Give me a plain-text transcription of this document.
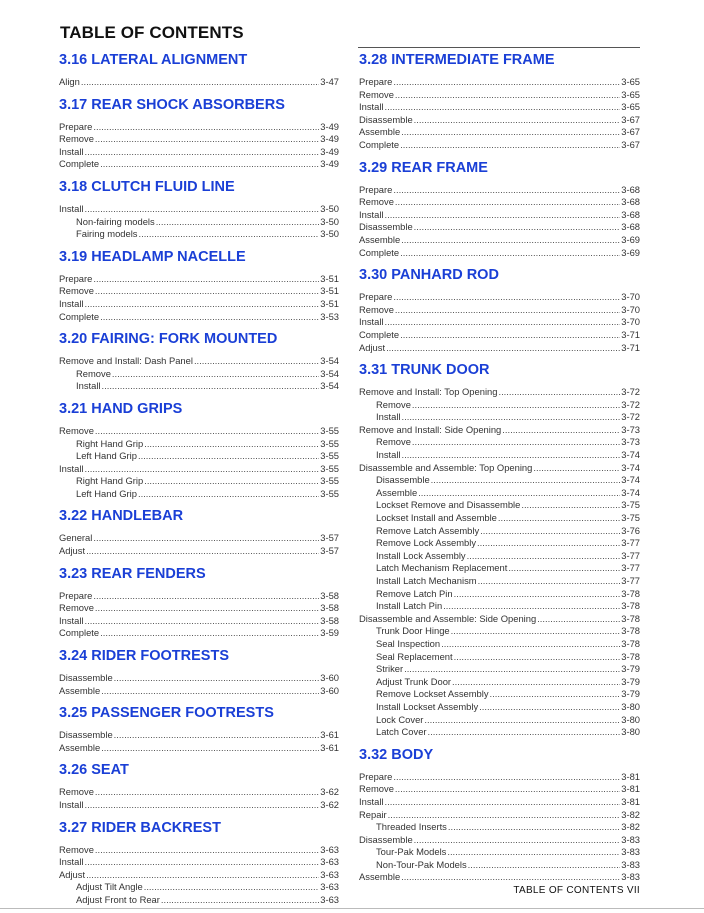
TABLE OF CONTENTS
3.16 LATERAL ALIGNMENT
Align .....	3-47
3.17 REAR SHOCK ABSORBERS
Prepare .....	3-49
Remove .....	3-49
Install .....	3-49
Complete .....	3-49
3.18 CLUTCH FLUID LINE
Install .....	3-50
Non-fairing models .....	3-50
Fairing models .....	3-50
3.19 HEADLAMP NACELLE
Prepare .....	3-51
Remove .....	3-51
Install .....	3-51
Complete .....	3-53
3.20 FAIRING: FORK MOUNTED
Remove and Install: Dash Panel .....	3-54
Remove .....	3-54
Install .....	3-54
3.21 HAND GRIPS
Remove .....	3-55
Right Hand Grip .....	3-55
Left Hand Grip .....	3-55
Install .....	3-55
Right Hand Grip .....	3-55
Left Hand Grip .....	3-55
3.22 HANDLEBAR
General .....	3-57
Adjust .....	3-57
3.23 REAR FENDERS
Prepare .....	3-58
Remove .....	3-58
Install .....	3-58
Complete .....	3-59
3.24 RIDER FOOTRESTS
Disassemble .....	3-60
Assemble .....	3-60
3.25 PASSENGER FOOTRESTS
Disassemble .....	3-61
Assemble .....	3-61
3.26 SEAT
Remove .....	3-62
Install .....	3-62
3.27 RIDER BACKREST
Remove .....	3-63
Install .....	3-63
Adjust .....	3-63
Adjust Tilt Angle .....	3-63
Adjust Front to Rear .....	3-63
3.28 INTERMEDIATE FRAME
Prepare .....	3-65
Remove .....	3-65
Install .....	3-65
Disassemble .....	3-67
Assemble .....	3-67
Complete .....	3-67
3.29 REAR FRAME
Prepare .....	3-68
Remove .....	3-68
Install .....	3-68
Disassemble .....	3-68
Assemble .....	3-69
Complete .....	3-69
3.30 PANHARD ROD
Prepare .....	3-70
Remove .....	3-70
Install .....	3-70
Complete .....	3-71
Adjust .....	3-71
3.31 TRUNK DOOR
Remove and Install: Top Opening .....	3-72
Remove .....	3-72
Install .....	3-72
Remove and Install: Side Opening .....	3-73
Remove .....	3-73
Install .....	3-74
Disassemble and Assemble: Top Opening .....	3-74
Disassemble .....	3-74
Assemble .....	3-74
Lockset Remove and Disassemble .....	3-75
Lockset Install and Assemble .....	3-75
Remove Latch Assembly .....	3-76
Remove Lock Assembly .....	3-77
Install Lock Assembly .....	3-77
Latch Mechanism Replacement .....	3-77
Install Latch Mechanism .....	3-77
Remove Latch Pin .....	3-78
Install Latch Pin .....	3-78
Disassemble and Assemble: Side Opening .....	3-78
Trunk Door Hinge .....	3-78
Seal Inspection .....	3-78
Seal Replacement .....	3-78
Striker .....	3-79
Adjust Trunk Door .....	3-79
Remove Lockset Assembly .....	3-79
Install Lockset Assembly .....	3-80
Lock Cover .....	3-80
Latch Cover .....	3-80
3.32 BODY
Prepare .....	3-81
Remove .....	3-81
Install .....	3-81
Repair .....	3-82
Threaded Inserts .....	3-82
Disassemble .....	3-83
Tour-Pak Models .....	3-83
Non-Tour-Pak Models .....	3-83
Assemble .....	3-83
TABLE OF CONTENTS VII
